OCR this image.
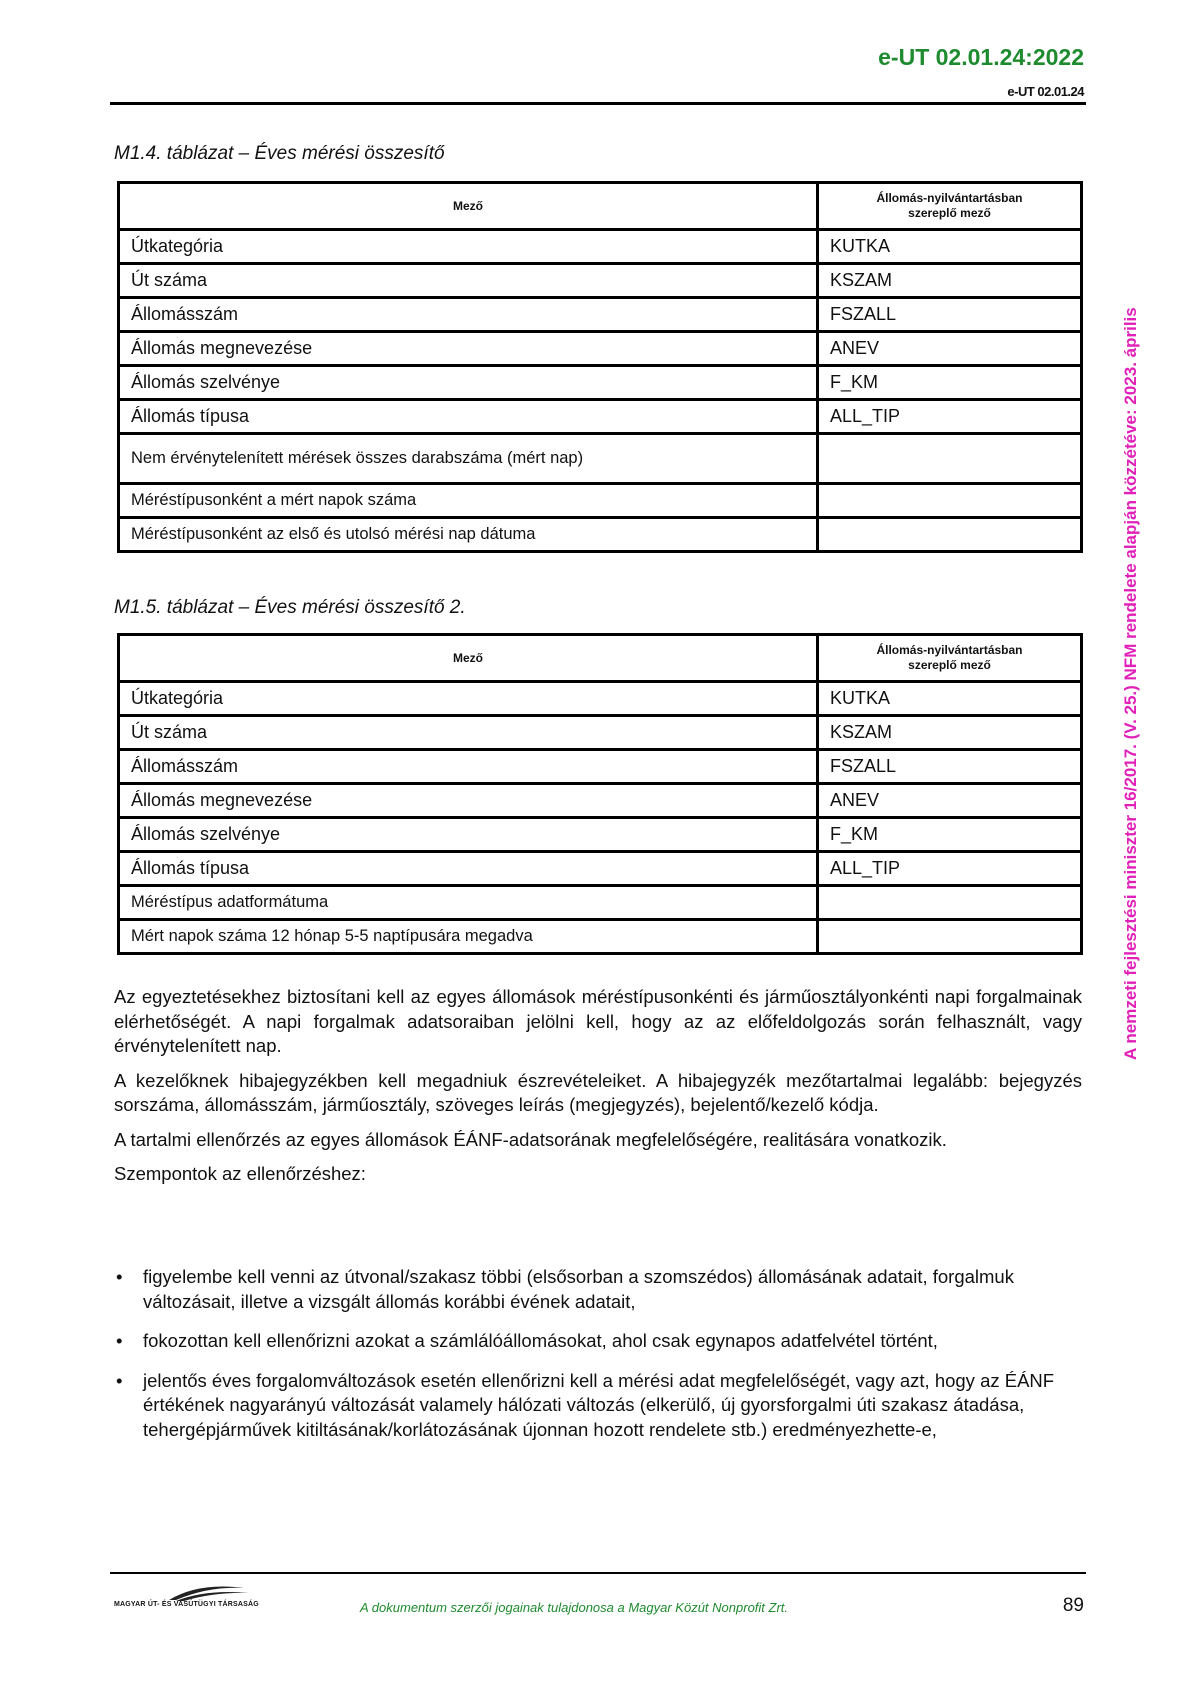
e-UT 02.01.24:2022
e-UT 02.01.24
A nemzeti fejlesztési miniszter 16/2017. (V. 25.) NFM rendelete alapján közzétéve: 2023. április
M1.4. táblázat – Éves mérési összesítő
Mező	Állomás-nyilvántartásban szereplő mező

Útkategória	KUTKA
Út száma	KSZAM
Állomásszám	FSZALL
Állomás megnevezése	ANEV
Állomás szelvénye	F_KM
Állomás típusa	ALL_TIP
Nem érvénytelenített mérések összes darabszáma (mért nap)	
Méréstípusonként a mért napok száma	
Méréstípusonként az első és utolsó mérési nap dátuma	
M1.5. táblázat – Éves mérési összesítő 2.
Mező	Állomás-nyilvántartásban szereplő mező

Útkategória	KUTKA
Út száma	KSZAM
Állomásszám	FSZALL
Állomás megnevezése	ANEV
Állomás szelvénye	F_KM
Állomás típusa	ALL_TIP
Méréstípus adatformátuma	
Mért napok száma 12 hónap 5-5 naptípusára megadva	

Az egyeztetésekhez biztosítani kell az egyes állomások méréstípusonkénti és járműosztályonkénti napi forgalmainak elérhetőségét. A napi forgalmak adatsoraiban jelölni kell, hogy az az előfeldolgozás során felhasznált, vagy érvénytelenített nap.

A kezelőknek hibajegyzékben kell megadniuk észrevételeiket. A hibajegyzék mezőtartalmai legalább: bejegyzés sorszáma, állomásszám, járműosztály, szöveges leírás (megjegyzés), bejelentő/kezelő kódja.

A tartalmi ellenőrzés az egyes állomások ÉÁNF-adatsorának megfelelőségére, realitására vonatkozik.

Szempontok az ellenőrzéshez:

• figyelembe kell venni az útvonal/szakasz többi (elsősorban a szomszédos) állomásának adatait, forgalmuk változásait, illetve a vizsgált állomás korábbi évének adatait,
• fokozottan kell ellenőrizni azokat a számlálóállomásokat, ahol csak egynapos adatfelvétel történt,
• jelentős éves forgalomváltozások esetén ellenőrizni kell a mérési adat megfelelőségét, vagy azt, hogy az ÉÁNF értékének nagyarányú változását valamely hálózati változás (elkerülő, új gyorsforgalmi úti szakasz átadása, tehergépjárművek kitiltásának/korlátozásának újonnan hozott rendelete stb.) eredményezhette-e,
MAGYAR ÚT- ÉS VASÚTÜGYI TÁRSASÁG	A dokumentum szerzői jogainak tulajdonosa a Magyar Közút Nonprofit Zrt.	89
